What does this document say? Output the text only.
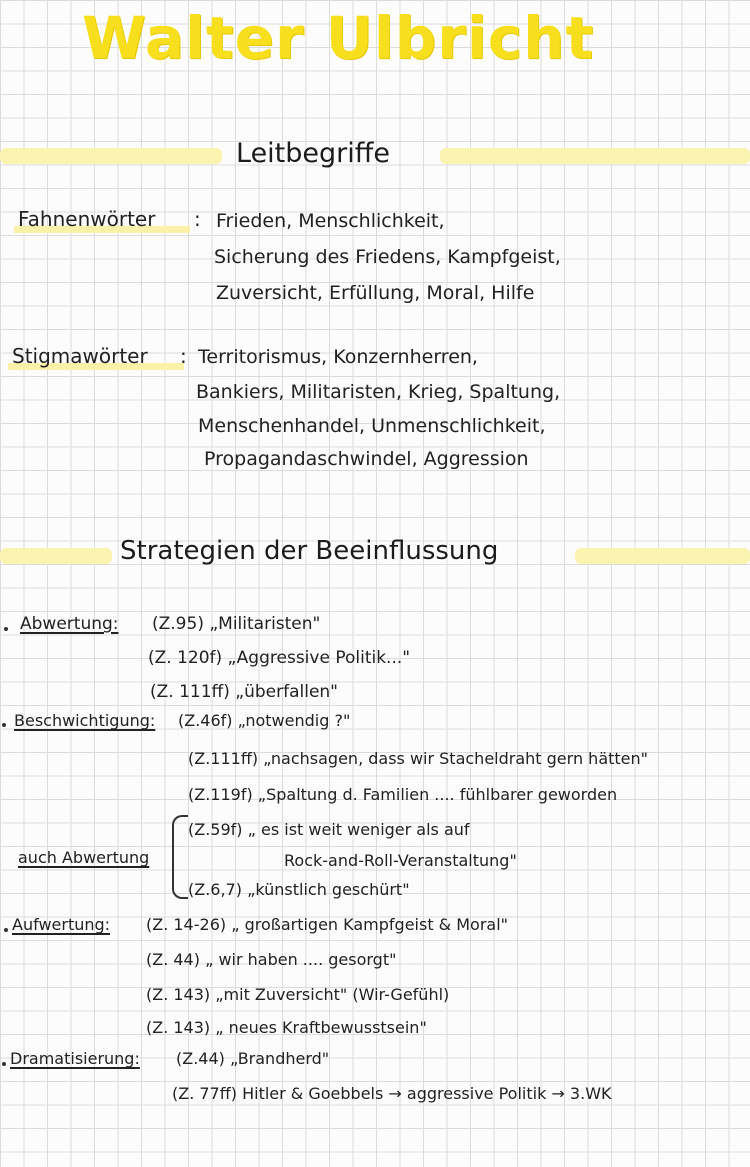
Walter Ulbricht
Leitbegriffe
Fahnenwörter : Frieden, Menschlichkeit,
Sicherung des Friedens, Kampfgeist,
Zuversicht, Erfüllung, Moral, Hilfe
Stigmawörter : Territorismus, Konzernherren,
Bankiers, Militaristen, Krieg, Spaltung,
Menschenhandel, Unmenschlichkeit,
Propagandaschwindel, Aggression
Strategien der Beeinflussung
Abwertung: (Z.95) „Militaristen"
(Z. 120f) „Aggressive Politik..."
(Z. 111ff) „überfallen"
Beschwichtigung: (Z.46f) „notwendig ?"
(Z.111ff) „nachsagen, dass wir Stacheldraht gern hätten"
(Z.119f) „Spaltung d. Familien .... fühlbarer geworden
(Z.59f) „ es ist weit weniger als auf
Rock-and-Roll-Veranstaltung"
(Z.6,7) „künstlich geschürt"
auch Abwertung
Aufwertung: (Z. 14-26) „ großartigen Kampfgeist & Moral"
(Z. 44) „ wir haben .... gesorgt"
(Z. 143) „mit Zuversicht" (Wir-Gefühl)
(Z. 143) „ neues Kraftbewusstsein"
Dramatisierung: (Z.44) „Brandherd"
(Z. 77ff) Hitler & Goebbels → aggressive Politik → 3.WK
